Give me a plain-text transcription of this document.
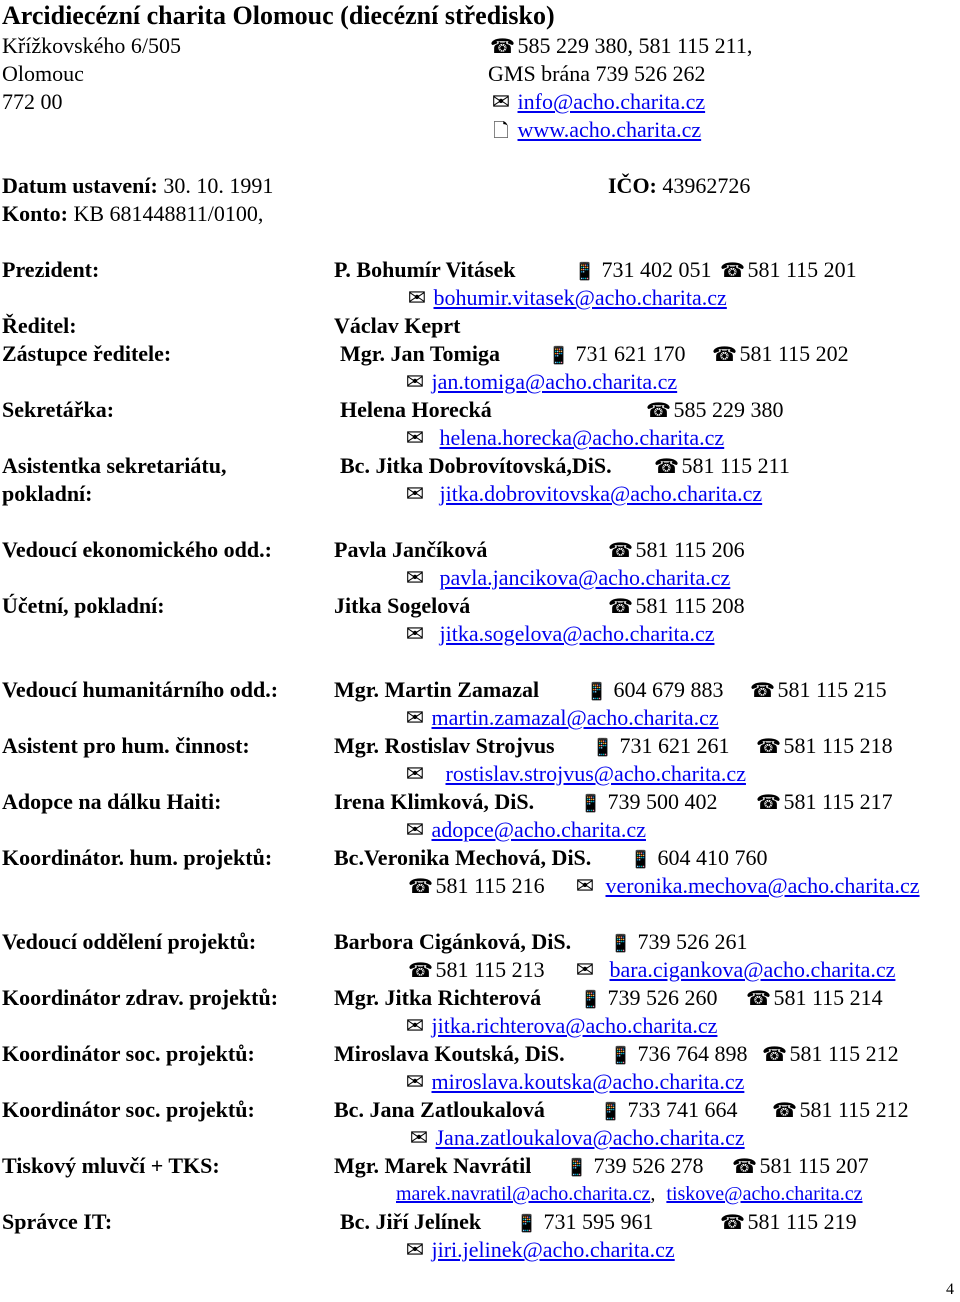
Arcidiecézní charita Olomouc (diecézní středisko)
Křížkovského 6/505	☎ 585 229 380, 581 115 211,
Olomouc	GMS brána 739 526 262
772 00	✉ info@acho.charita.cz
🗋 www.acho.charita.cz
Datum ustavení: 30. 10. 1991	IČO: 43962726
Konto: KB 681448811/0100,
Prezident:	P. Bohumír Vitásek	📱 731 402 051 ☎ 581 115 201
✉ bohumir.vitasek@acho.charita.cz
Ředitel:	Václav Keprt
Zástupce ředitele:	Mgr. Jan Tomiga	📱 731 621 170 ☎ 581 115 202
✉ jan.tomiga@acho.charita.cz
Sekretářka:	Helena Horecká	☎ 585 229 380
✉ helena.horecka@acho.charita.cz
Asistentka sekretariátu,
pokladní:
Bc. Jitka Dobrovítovská,DiS. ☎ 581 115 211
✉ jitka.dobrovitovska@acho.charita.cz
Vedoucí ekonomického odd.:	Pavla Jančíková	☎ 581 115 206
✉ pavla.jancikova@acho.charita.cz
Účetní, pokladní:	Jitka Sogelová	☎ 581 115 208
✉ jitka.sogelova@acho.charita.cz
Vedoucí humanitárního odd.:	Mgr. Martin Zamazal	📱 604 679 883 ☎ 581 115 215
✉ martin.zamazal@acho.charita.cz
Asistent pro hum. činnost:	Mgr. Rostislav Strojvus 📱 731 621 261 ☎ 581 115 218
✉ rostislav.strojvus@acho.charita.cz
Adopce na dálku Haiti:	Irena Klimková, DiS.	📱 739 500 402 ☎ 581 115 217
✉ adopce@acho.charita.cz
Koordinátor. hum. projektů:	Bc.Veronika Mechová, DiS. 📱 604 410 760
☎ 581 115 216 ✉ veronika.mechova@acho.charita.cz
Vedoucí oddělení projektů:	Barbora Cigánková, DiS. 📱 739 526 261
☎ 581 115 213 ✉ bara.cigankova@acho.charita.cz
Koordinátor zdrav. projektů:	Mgr. Jitka Richterová 📱 739 526 260 ☎ 581 115 214
✉ jitka.richterova@acho.charita.cz
Koordinátor soc. projektů:	Miroslava Koutská, DiS.	📱 736 764 898 ☎ 581 115 212
✉ miroslava.koutska@acho.charita.cz
Koordinátor soc. projektů:	Bc. Jana Zatloukalová	📱 733 741 664 ☎ 581 115 212
✉ Jana.zatloukalova@acho.charita.cz
Tiskový mluvčí + TKS:	Mgr. Marek Navrátil 📱 739 526 278 ☎ 581 115 207
marek.navratil@acho.charita.cz, tiskove@acho.charita.cz
Správce IT:	Bc. Jiří Jelínek 📱 731 595 961	☎ 581 115 219
✉ jiri.jelinek@acho.charita.cz
4
